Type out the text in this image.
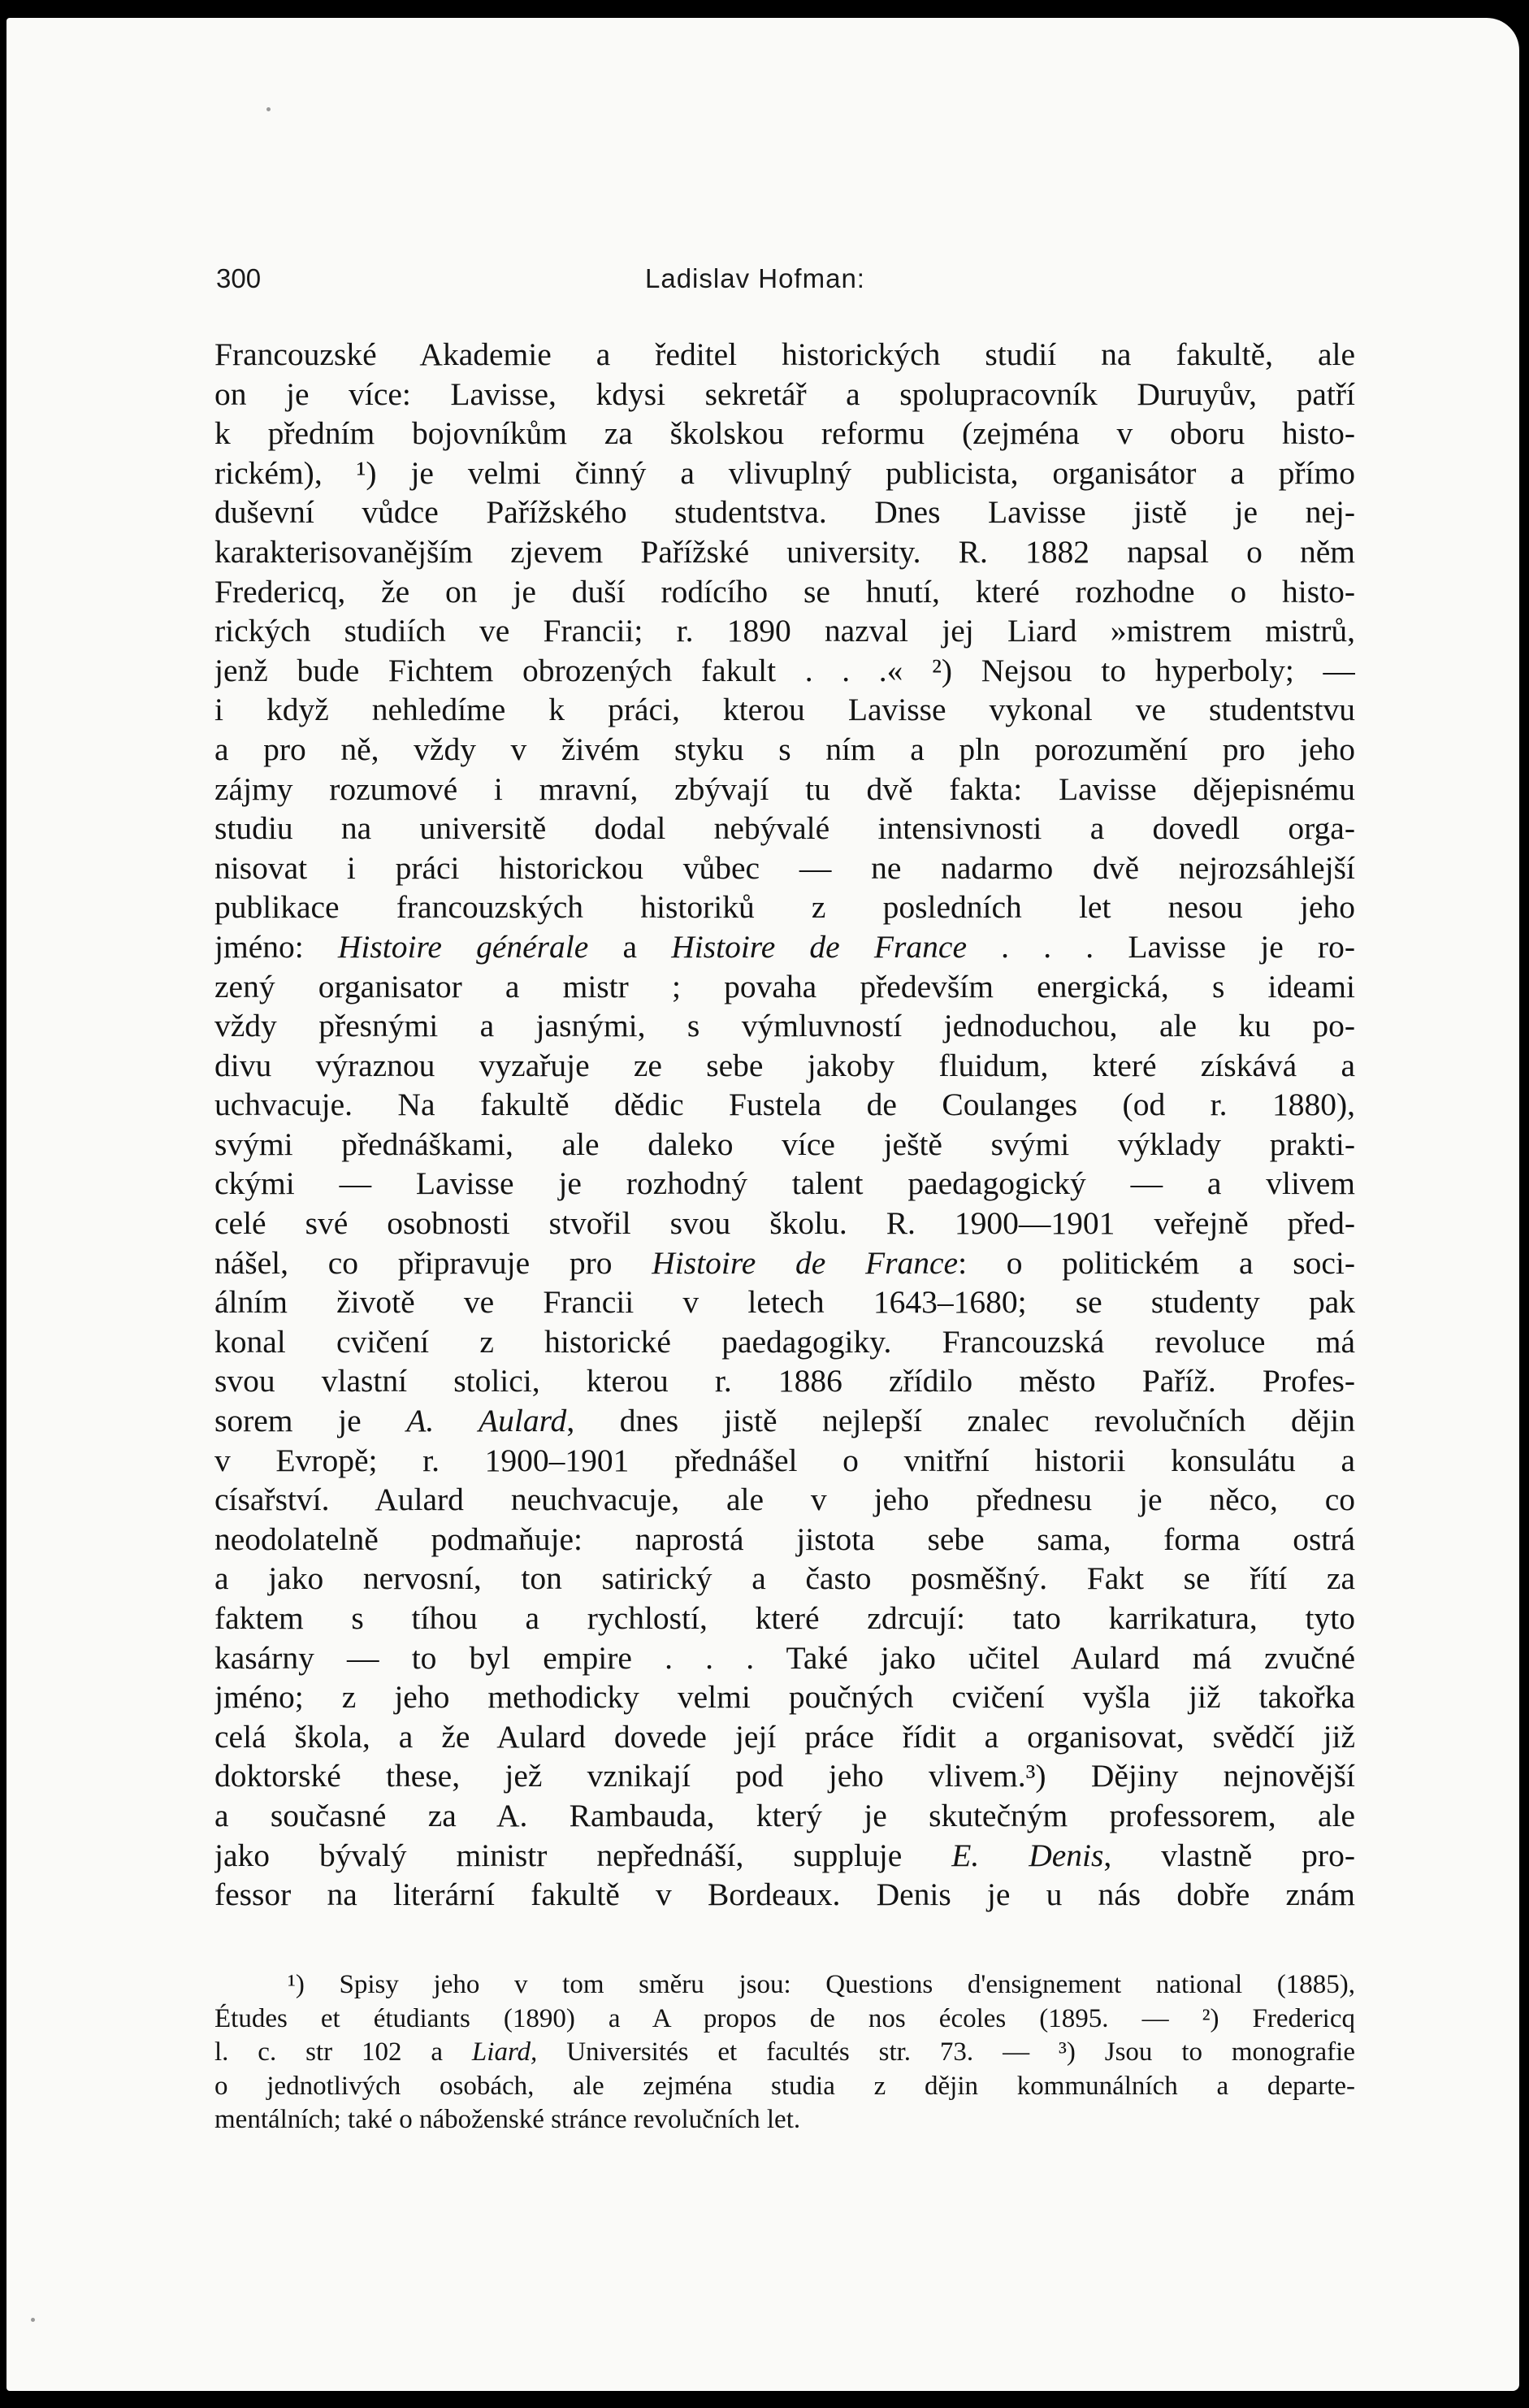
300	Ladislav Hofman:
Francouzské Akademie a ředitel historických studií na fakultě, ale
on je více: Lavisse, kdysi sekretář a spolupracovník Duruyův, patří
k předním bojovníkům za školskou reformu (zejména v oboru histo-
rickém), ¹) je velmi činný a vlivuplný publicista, organisátor a přímo
duševní vůdce Pařížského studentstva. Dnes Lavisse jistě je nej-
karakterisovanějším zjevem Pařížské university. R. 1882 napsal o něm
Fredericq, že on je duší rodícího se hnutí, které rozhodne o histo-
rických studiích ve Francii; r. 1890 nazval jej Liard »mistrem mistrů,
jenž bude Fichtem obrozených fakult . . .« ²) Nejsou to hyperboly; —
i když nehledíme k práci, kterou Lavisse vykonal ve studentstvu
a pro ně, vždy v živém styku s ním a pln porozumění pro jeho
zájmy rozumové i mravní, zbývají tu dvě fakta: Lavisse dějepisnému
studiu na universitě dodal nebývalé intensivnosti a dovedl orga-
nisovat i práci historickou vůbec — ne nadarmo dvě nejrozsáhlejší
publikace francouzských historiků z posledních let nesou jeho
jméno: Histoire générale a Histoire de France . . . Lavisse je ro-
zený organisator a mistr ; povaha především energická, s ideami
vždy přesnými a jasnými, s výmluvností jednoduchou, ale ku po-
divu výraznou vyzařuje ze sebe jakoby fluidum, které získává a
uchvacuje. Na fakultě dědic Fustela de Coulanges (od r. 1880),
svými přednáškami, ale daleko více ještě svými výklady prakti-
ckými — Lavisse je rozhodný talent paedagogický — a vlivem
celé své osobnosti stvořil svou školu. R. 1900—1901 veřejně před-
nášel, co připravuje pro Histoire de France: o politickém a soci-
álním životě ve Francii v letech 1643–1680; se studenty pak
konal cvičení z historické paedagogiky. Francouzská revoluce má
svou vlastní stolici, kterou r. 1886 zřídilo město Paříž. Profes-
sorem je A. Aulard, dnes jistě nejlepší znalec revolučních dějin
v Evropě; r. 1900–1901 přednášel o vnitřní historii konsulátu a
císařství. Aulard neuchvacuje, ale v jeho přednesu je něco, co
neodolatelně podmaňuje: naprostá jistota sebe sama, forma ostrá
a jako nervosní, ton satirický a často posměšný. Fakt se řítí za
faktem s tíhou a rychlostí, které zdrcují: tato karrikatura, tyto
kasárny — to byl empire . . . Také jako učitel Aulard má zvučné
jméno; z jeho methodicky velmi poučných cvičení vyšla již takořka
celá škola, a že Aulard dovede její práce řídit a organisovat, svědčí již
doktorské these, jež vznikají pod jeho vlivem.³) Dějiny nejnovější
a současné za A. Rambauda, který je skutečným professorem, ale
jako bývalý ministr nepřednáší, suppluje E. Denis, vlastně pro-
fessor na literární fakultě v Bordeaux. Denis je u nás dobře znám
¹) Spisy jeho v tom směru jsou: Questions d'ensignement national (1885),
Études et étudiants (1890) a A propos de nos écoles (1895. — ²) Fredericq
l. c. str 102 a Liard, Universités et facultés str. 73. — ³) Jsou to monografie
o jednotlivých osobách, ale zejména studia z dějin kommunálních a departe-
mentálních; také o náboženské stránce revolučních let.
